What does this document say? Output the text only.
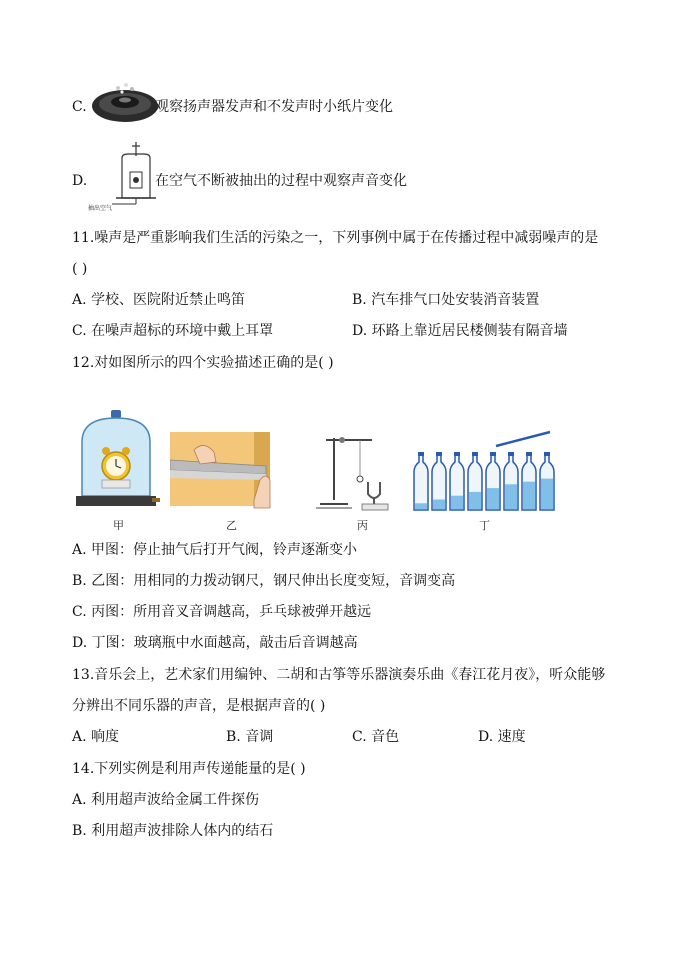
C.	观察扬声器发声和不发声时小纸片变化
D.
抽出空气
在空气不断被抽出的过程中观察声音变化
11.噪声是严重影响我们生活的污染之一，下列事例中属于在传播过程中减弱噪声的是
( )
A. 学校、医院附近禁止鸣笛	B. 汽车排气口处安装消音装置
C. 在噪声超标的环境中戴上耳罩	D. 环路上靠近居民楼侧装有隔音墙
12.对如图所示的四个实验描述正确的是( )
甲	乙	丙	丁
A. 甲图：停止抽气后打开气阀，铃声逐渐变小
B. 乙图：用相同的力拨动钢尺，钢尺伸出长度变短，音调变高
C. 丙图：所用音叉音调越高，乒乓球被弹开越远
D. 丁图：玻璃瓶中水面越高，敲击后音调越高
13.音乐会上，艺术家们用编钟、二胡和古筝等乐器演奏乐曲《春江花月夜》，听众能够
分辨出不同乐器的声音，是根据声音的( )
A. 响度	B. 音调	C. 音色	D. 速度
14.下列实例是利用声传递能量的是( )
A. 利用超声波给金属工件探伤
B. 利用超声波排除人体内的结石
